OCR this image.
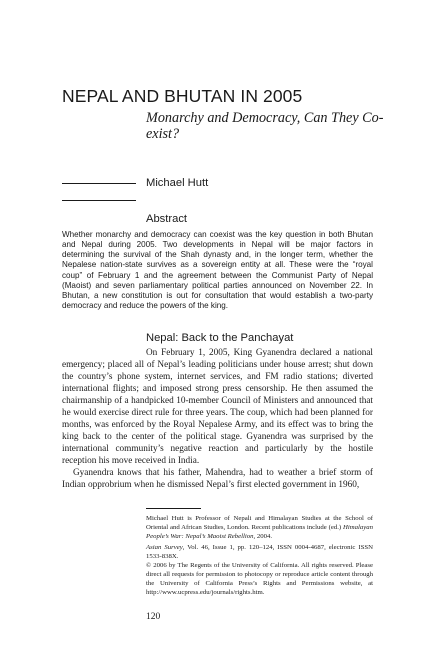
NEPAL AND BHUTAN IN 2005
Monarchy and Democracy, Can They Co-exist?
Michael Hutt
Abstract
Whether monarchy and democracy can coexist was the key question in both Bhutan and Nepal during 2005. Two developments in Nepal will be major factors in determining the survival of the Shah dynasty and, in the longer term, whether the Nepalese nation-state survives as a sovereign entity at all. These were the “royal coup” of February 1 and the agreement between the Communist Party of Nepal (Maoist) and seven parliamentary political parties announced on November 22. In Bhutan, a new constitution is out for consultation that would establish a two-party democracy and reduce the powers of the king.
Nepal: Back to the Panchayat
On February 1, 2005, King Gyanendra declared a national emergency; placed all of Nepal’s leading politicians under house arrest; shut down the country’s phone system, internet services, and FM radio stations; diverted international flights; and imposed strong press censorship. He then assumed the chairmanship of a handpicked 10-member Council of Ministers and announced that he would exercise direct rule for three years. The coup, which had been planned for months, was enforced by the Royal Nepalese Army, and its effect was to bring the king back to the center of the political stage. Gyanendra was surprised by the international community’s negative reaction and particularly by the hostile reception his move received in India.
Gyanendra knows that his father, Mahendra, had to weather a brief storm of Indian opprobrium when he dismissed Nepal’s first elected government in 1960,
Michael Hutt is Professor of Nepali and Himalayan Studies at the School of Oriental and African Studies, London. Recent publications include (ed.) Himalayan People’s War: Nepal’s Maoist Rebellion, 2004.
Asian Survey, Vol. 46, Issue 1, pp. 120–124, ISSN 0004-4687, electronic ISSN 1533-838X.
© 2006 by The Regents of the University of California. All rights reserved. Please direct all requests for permission to photocopy or reproduce article content through the University of California Press’s Rights and Permissions website, at http://www.ucpress.edu/journals/rights.htm.
120
